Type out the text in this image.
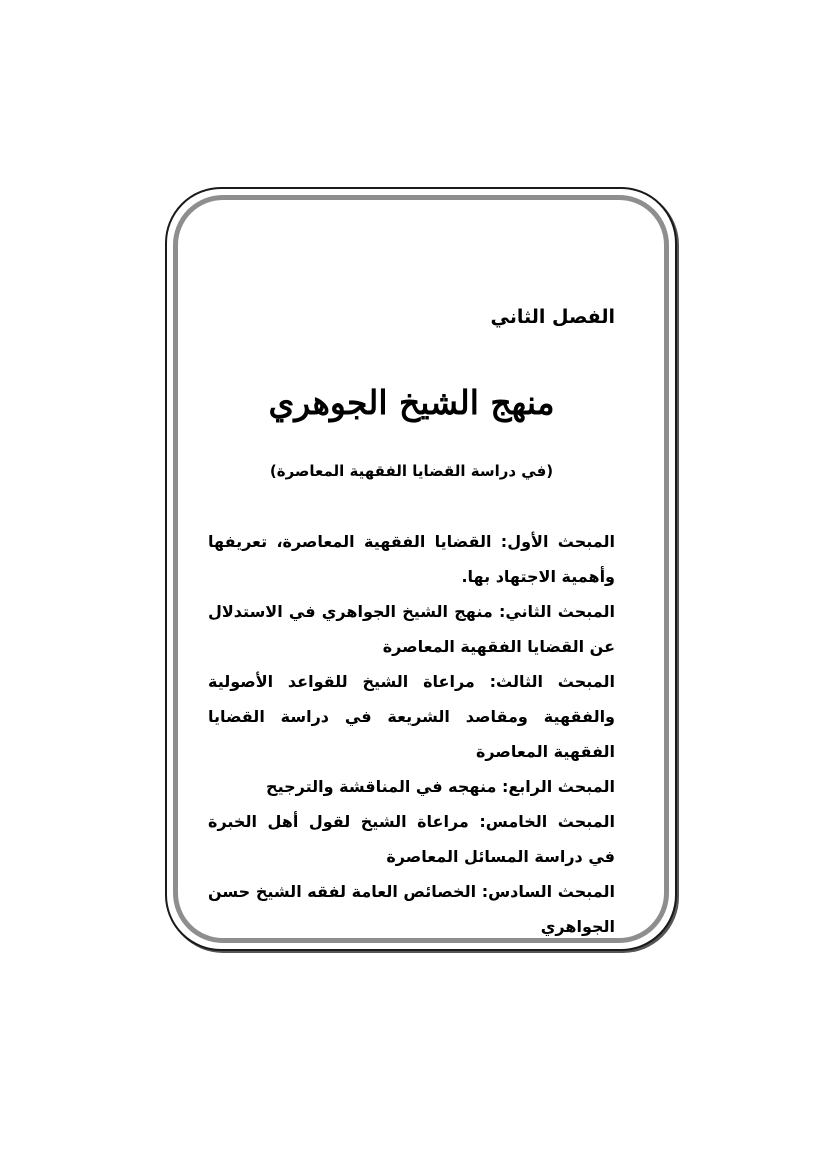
الفصل الثاني
منهج الشيخ الجوهري
(في دراسة القضايا الفقهية المعاصرة)
المبحث الأول: القضايا الفقهية المعاصرة، تعريفها وأهمية الاجتهاد بها.
المبحث الثاني: منهج الشيخ الجواهري في الاستدلال عن القضايا الفقهية المعاصرة
المبحث الثالث: مراعاة الشيخ للقواعد الأصولية والفقهية ومقاصد الشريعة في دراسة القضايا الفقهية المعاصرة
المبحث الرابع: منهجه في المناقشة والترجيح
المبحث الخامس: مراعاة الشيخ لقول أهل الخبرة في دراسة المسائل المعاصرة
المبحث السادس: الخصائص العامة لفقه الشيخ حسن الجواهري
